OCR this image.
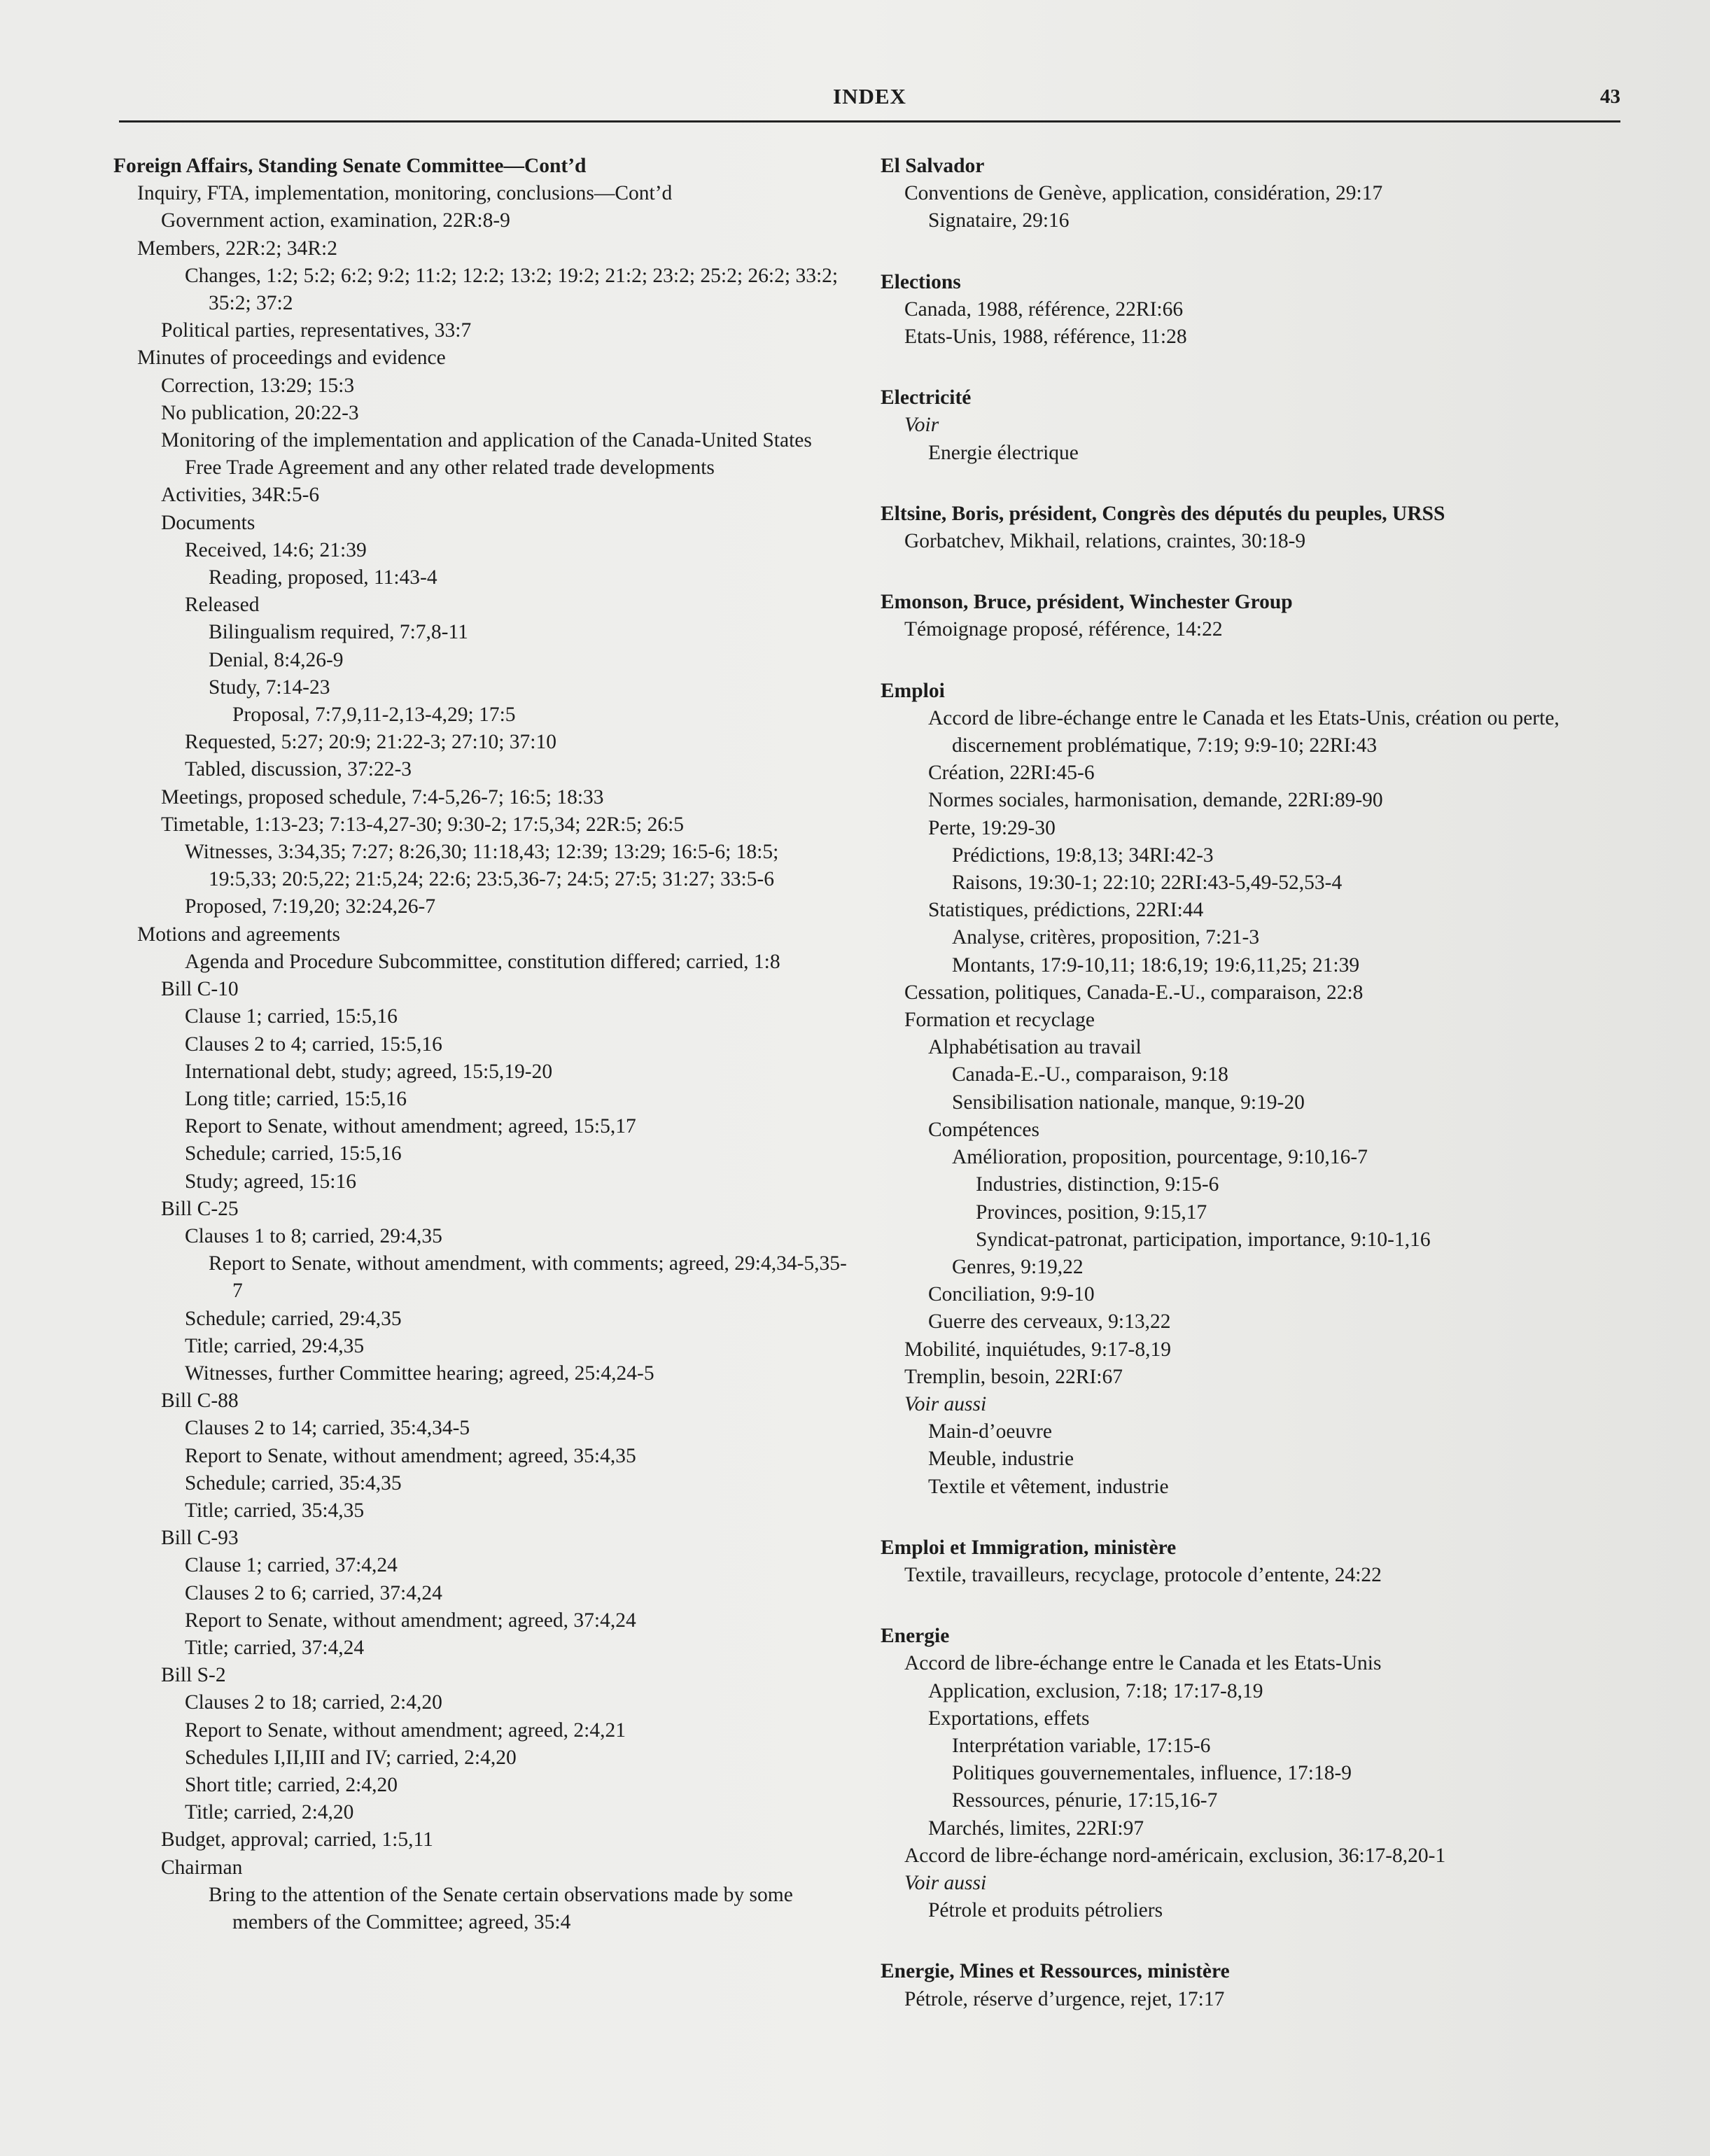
INDEX	43
Foreign Affairs, Standing Senate Committee—Cont’d
Inquiry, FTA, implementation, monitoring, conclusions—Cont’d
Government action, examination, 22R:8-9
Members, 22R:2; 34R:2
Changes, 1:2; 5:2; 6:2; 9:2; 11:2; 12:2; 13:2; 19:2; 21:2; 23:2; 25:2; 26:2; 33:2; 35:2; 37:2
Political parties, representatives, 33:7
Minutes of proceedings and evidence
Correction, 13:29; 15:3
No publication, 20:22-3
Monitoring of the implementation and application of the Canada-United States Free Trade Agreement and any other related trade developments
Activities, 34R:5-6
Documents
Received, 14:6; 21:39
Reading, proposed, 11:43-4
Released
Bilingualism required, 7:7,8-11
Denial, 8:4,26-9
Study, 7:14-23
Proposal, 7:7,9,11-2,13-4,29; 17:5
Requested, 5:27; 20:9; 21:22-3; 27:10; 37:10
Tabled, discussion, 37:22-3
Meetings, proposed schedule, 7:4-5,26-7; 16:5; 18:33
Timetable, 1:13-23; 7:13-4,27-30; 9:30-2; 17:5,34; 22R:5; 26:5
Witnesses, 3:34,35; 7:27; 8:26,30; 11:18,43; 12:39; 13:29; 16:5-6; 18:5; 19:5,33; 20:5,22; 21:5,24; 22:6; 23:5,36-7; 24:5; 27:5; 31:27; 33:5-6
Proposed, 7:19,20; 32:24,26-7
Motions and agreements
Agenda and Procedure Subcommittee, constitution differed; carried, 1:8
Bill C-10
Clause 1; carried, 15:5,16
Clauses 2 to 4; carried, 15:5,16
International debt, study; agreed, 15:5,19-20
Long title; carried, 15:5,16
Report to Senate, without amendment; agreed, 15:5,17
Schedule; carried, 15:5,16
Study; agreed, 15:16
Bill C-25
Clauses 1 to 8; carried, 29:4,35
Report to Senate, without amendment, with comments; agreed, 29:4,34-5,35-7
Schedule; carried, 29:4,35
Title; carried, 29:4,35
Witnesses, further Committee hearing; agreed, 25:4,24-5
Bill C-88
Clauses 2 to 14; carried, 35:4,34-5
Report to Senate, without amendment; agreed, 35:4,35
Schedule; carried, 35:4,35
Title; carried, 35:4,35
Bill C-93
Clause 1; carried, 37:4,24
Clauses 2 to 6; carried, 37:4,24
Report to Senate, without amendment; agreed, 37:4,24
Title; carried, 37:4,24
Bill S-2
Clauses 2 to 18; carried, 2:4,20
Report to Senate, without amendment; agreed, 2:4,21
Schedules I,II,III and IV; carried, 2:4,20
Short title; carried, 2:4,20
Title; carried, 2:4,20
Budget, approval; carried, 1:5,11
Chairman
Bring to the attention of the Senate certain observations made by some members of the Committee; agreed, 35:4
El Salvador
Conventions de Genève, application, considération, 29:17
Signataire, 29:16
Elections
Canada, 1988, référence, 22RI:66
Etats-Unis, 1988, référence, 11:28
Electricité
Voir
Energie électrique
Eltsine, Boris, président, Congrès des députés du peuples, URSS
Gorbatchev, Mikhail, relations, craintes, 30:18-9
Emonson, Bruce, président, Winchester Group
Témoignage proposé, référence, 14:22
Emploi
Accord de libre-échange entre le Canada et les Etats-Unis, création ou perte, discernement problématique, 7:19; 9:9-10; 22RI:43
Création, 22RI:45-6
Normes sociales, harmonisation, demande, 22RI:89-90
Perte, 19:29-30
Prédictions, 19:8,13; 34RI:42-3
Raisons, 19:30-1; 22:10; 22RI:43-5,49-52,53-4
Statistiques, prédictions, 22RI:44
Analyse, critères, proposition, 7:21-3
Montants, 17:9-10,11; 18:6,19; 19:6,11,25; 21:39
Cessation, politiques, Canada-E.-U., comparaison, 22:8
Formation et recyclage
Alphabétisation au travail
Canada-E.-U., comparaison, 9:18
Sensibilisation nationale, manque, 9:19-20
Compétences
Amélioration, proposition, pourcentage, 9:10,16-7
Industries, distinction, 9:15-6
Provinces, position, 9:15,17
Syndicat-patronat, participation, importance, 9:10-1,16
Genres, 9:19,22
Conciliation, 9:9-10
Guerre des cerveaux, 9:13,22
Mobilité, inquiétudes, 9:17-8,19
Tremplin, besoin, 22RI:67
Voir aussi
Main-d’oeuvre
Meuble, industrie
Textile et vêtement, industrie
Emploi et Immigration, ministère
Textile, travailleurs, recyclage, protocole d’entente, 24:22
Energie
Accord de libre-échange entre le Canada et les Etats-Unis
Application, exclusion, 7:18; 17:17-8,19
Exportations, effets
Interprétation variable, 17:15-6
Politiques gouvernementales, influence, 17:18-9
Ressources, pénurie, 17:15,16-7
Marchés, limites, 22RI:97
Accord de libre-échange nord-américain, exclusion, 36:17-8,20-1
Voir aussi
Pétrole et produits pétroliers
Energie, Mines et Ressources, ministère
Pétrole, réserve d’urgence, rejet, 17:17
